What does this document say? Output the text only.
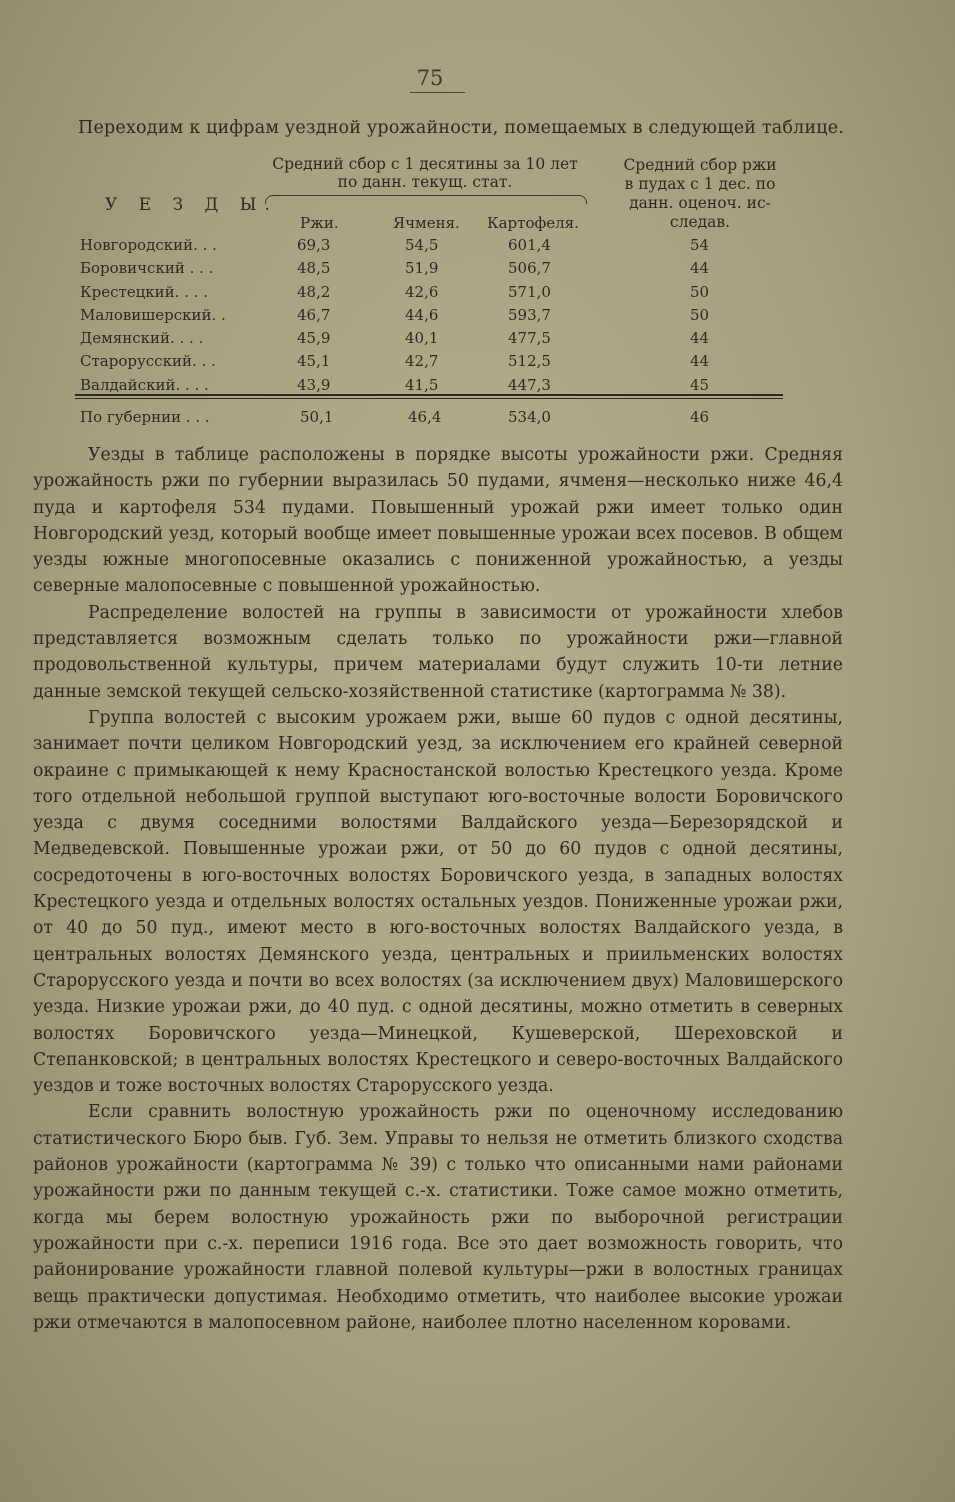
75
Переходим к цифрам уездной урожайности, помещаемых в следующей таблице.
У Е З Д Ы.
Средний сбор с 1 десятины за 10 лет
по данн. текущ. стат.
Средний сбор ржи
в пудах с 1 дес. по
данн. оценоч. ис-
следав.
Ржи.	Ячменя. Картофеля.
Новгородский. . .	69,3	54,5	601,4	54
Боровичский . . .	48,5	51,9	506,7	44
Крестецкий. . . .	48,2	42,6	571,0	50
Маловишерский. .	46,7	44,6	593,7	50
Демянский. . . .	45,9	40,1	477,5	44
Старорусский. . .	45,1	42,7	512,5	44
Валдайский. . . .	43,9	41,5	447,3	45
По губернии . . .	50,1	46,4	534,0	46

Уезды в таблице расположены в порядке высоты урожайности ржи. Средняя урожайность ржи по губернии выразилась 50 пудами, ячменя—несколько ниже 46,4 пуда и картофеля 534 пудами. Повышенный урожай ржи имеет только один Новгородский уезд, который вообще имеет повышенные урожаи всех посевов. В общем уезды южные многопосевные оказались с пониженной урожайностью, а уезды северные малопосевные с повышенной урожайностью.

Распределение волостей на группы в зависимости от урожайности хлебов представляется возможным сделать только по урожайности ржи—главной продовольственной культуры, причем материалами будут служить 10-ти летние данные земской текущей сельско-хозяйственной статистике (картограмма № 38).

Группа волостей с высоким урожаем ржи, выше 60 пудов с одной десятины, занимает почти целиком Новгородский уезд, за исключением его крайней северной окраине с примыкающей к нему Красностанской волостью Крестецкого уезда. Кроме того отдельной небольшой группой выступают юго-восточные волости Боровичского уезда с двумя соседними волостями Валдайского уезда—Березорядской и Медведевской. Повышенные урожаи ржи, от 50 до 60 пудов с одной десятины, сосредоточены в юго-восточных волостях Боровичского уезда, в западных волостях Крестецкого уезда и отдельных волостях остальных уездов. Пониженные урожаи ржи, от 40 до 50 пуд., имеют место в юго-восточных волостях Валдайского уезда, в центральных волостях Демянского уезда, центральных и приильменских волостях Старорусского уезда и почти во всех волостях (за исключением двух) Маловишерского уезда. Низкие урожаи ржи, до 40 пуд. с одной десятины, можно отметить в северных волостях Боровичского уезда—Минецкой, Кушеверской, Шереховской и Степанковской; в центральных волостях Крестецкого и северо-восточных Валдайского уездов и тоже восточных волостях Старорусского уезда.

Если сравнить волостную урожайность ржи по оценочному исследованию статистического Бюро быв. Губ. Зем. Управы то нельзя не отметить близкого сходства районов урожайности (картограмма № 39) с только что описанными нами районами урожайности ржи по данным текущей с.-х. статистики. Тоже самое можно отметить, когда мы берем волостную урожайность ржи по выборочной регистрации урожайности при с.-х. переписи 1916 года. Все это дает возможность говорить, что районирование урожайности главной полевой культуры—ржи в волостных границах вещь практически допустимая. Необходимо отметить, что наиболее высокие урожаи ржи отмечаются в малопосевном районе, наиболее плотно населенном коровами.
